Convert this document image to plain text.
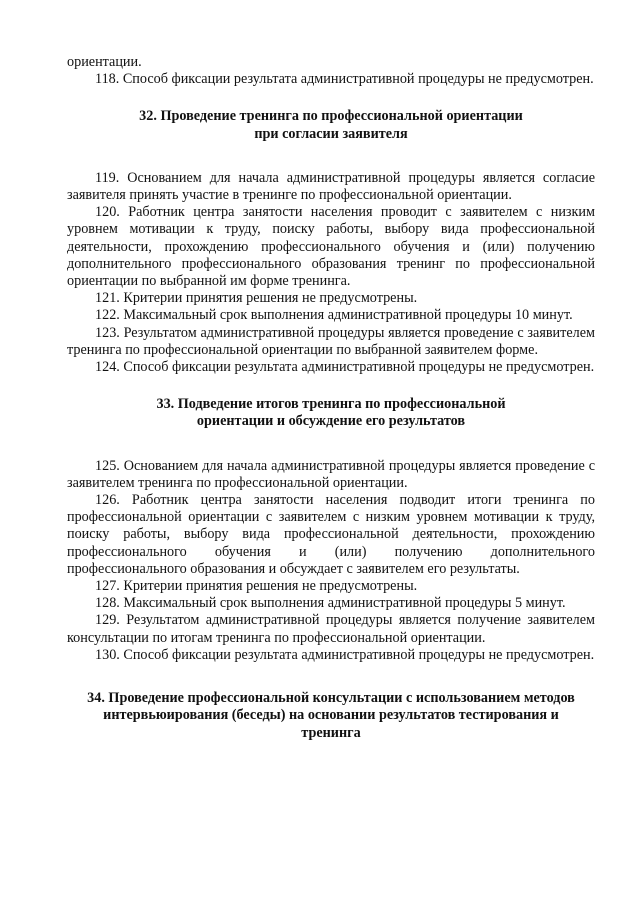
ориентации.

118. Способ фиксации результата административной процедуры не предусмотрен.

32. Проведение тренинга по профессиональной ориентации
при согласии заявителя

119. Основанием для начала административной процедуры является согласие заявителя принять участие в тренинге по профессиональной ориентации.

120. Работник центра занятости населения проводит с заявителем с низким уровнем мотивации к труду, поиску работы, выбору вида профессиональной деятельности, прохождению профессионального обучения и (или) получению дополнительного профессионального образования тренинг по профессиональной ориентации по выбранной им форме тренинга.

121. Критерии принятия решения не предусмотрены.

122. Максимальный срок выполнения административной процедуры 10 минут.

123. Результатом административной процедуры является проведение с заявителем тренинга по профессиональной ориентации по выбранной заявителем форме.

124. Способ фиксации результата административной процедуры не предусмотрен.

33. Подведение итогов тренинга по профессиональной
ориентации и обсуждение его результатов

125. Основанием для начала административной процедуры является проведение с заявителем тренинга по профессиональной ориентации.

126. Работник центра занятости населения подводит итоги тренинга по профессиональной ориентации с заявителем с низким уровнем мотивации к труду, поиску работы, выбору вида профессиональной деятельности, прохождению профессионального обучения и (или) получению дополнительного профессионального образования и обсуждает с заявителем его результаты.

127. Критерии принятия решения не предусмотрены.

128. Максимальный срок выполнения административной процедуры 5 минут.

129. Результатом административной процедуры является получение заявителем консультации по итогам тренинга по профессиональной ориентации.

130. Способ фиксации результата административной процедуры не предусмотрен.

34. Проведение профессиональной консультации с использованием методов
интервьюирования (беседы) на основании результатов тестирования и
тренинга
